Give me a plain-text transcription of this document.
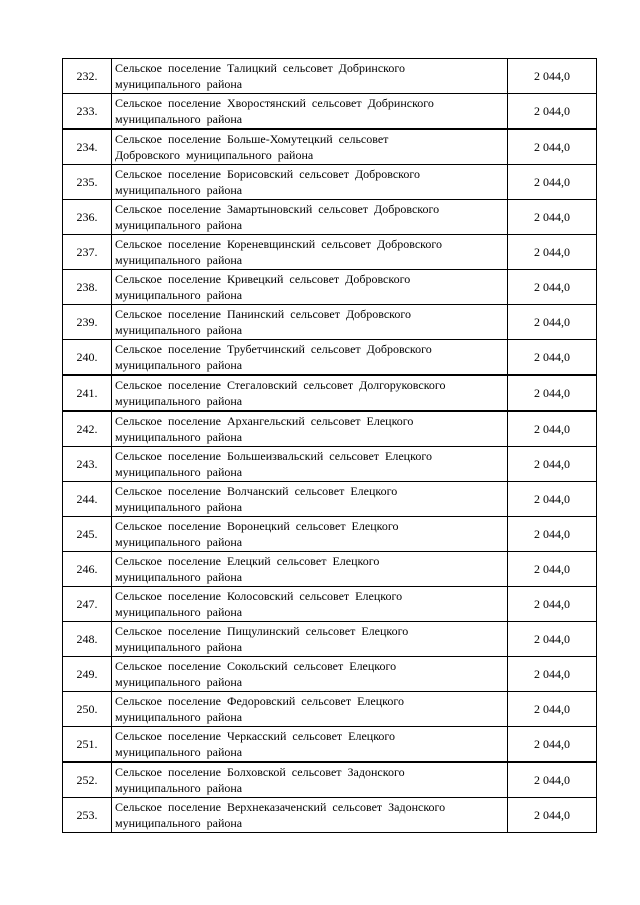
232.	Сельское поселение Талицкий сельсовет Добринского
муниципального района	2 044,0
233.	Сельское поселение Хворостянский сельсовет Добринского
муниципального района	2 044,0
234.	Сельское поселение Больше-Хомутецкий сельсовет
Добровского муниципального района	2 044,0
235.	Сельское поселение Борисовский сельсовет Добровского
муниципального района	2 044,0
236.	Сельское поселение Замартыновский сельсовет Добровского
муниципального района	2 044,0
237.	Сельское поселение Кореневщинский сельсовет Добровского
муниципального района	2 044,0
238.	Сельское поселение Кривецкий сельсовет Добровского
муниципального района	2 044,0
239.	Сельское поселение Панинский сельсовет Добровского
муниципального района	2 044,0
240.	Сельское поселение Трубетчинский сельсовет Добровского
муниципального района	2 044,0
241.	Сельское поселение Стегаловский сельсовет Долгоруковского
муниципального района	2 044,0
242.	Сельское поселение Архангельский сельсовет Елецкого
муниципального района	2 044,0
243.	Сельское поселение Большеизвальский сельсовет Елецкого
муниципального района	2 044,0
244.	Сельское поселение Волчанский сельсовет Елецкого
муниципального района	2 044,0
245.	Сельское поселение Воронецкий сельсовет Елецкого
муниципального района	2 044,0
246.	Сельское поселение Елецкий сельсовет Елецкого
муниципального района	2 044,0
247.	Сельское поселение Колосовский сельсовет Елецкого
муниципального района	2 044,0
248.	Сельское поселение Пищулинский сельсовет Елецкого
муниципального района	2 044,0
249.	Сельское поселение Сокольский сельсовет Елецкого
муниципального района	2 044,0
250.	Сельское поселение Федоровский сельсовет Елецкого
муниципального района	2 044,0
251.	Сельское поселение Черкасский сельсовет Елецкого
муниципального района	2 044,0
252.	Сельское поселение Болховской сельсовет Задонского
муниципального района	2 044,0
253.	Сельское поселение Верхнеказаченский сельсовет Задонского
муниципального района	2 044,0
